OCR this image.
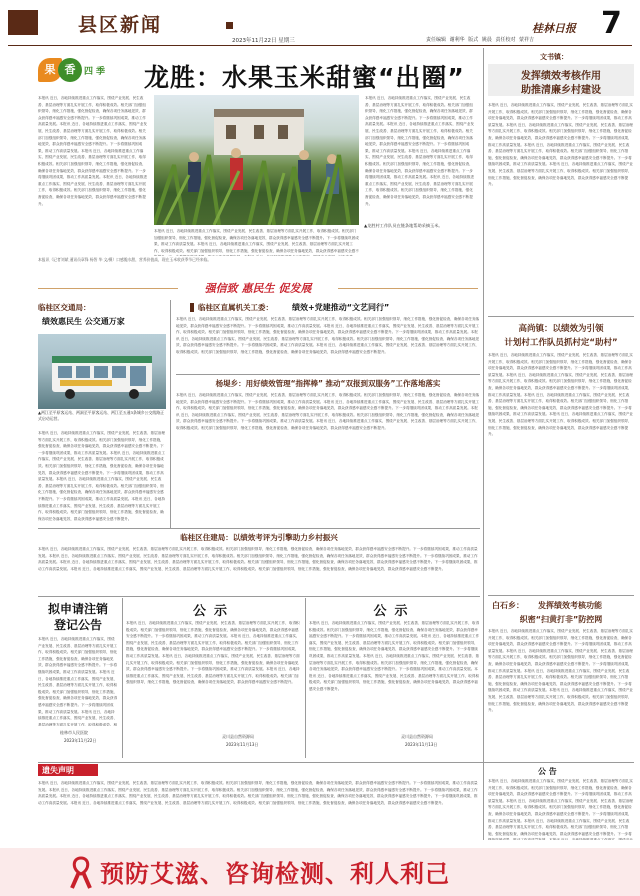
县区新闻
2023年11月22日 星期三
桂林日报 7
责任编辑 谢利华 版式 姚晨 责任校对 蒙祥吉
果 香 四 季 龙胜：水果玉米甜蜜“出圈”
本报讯 近日，各地持续推进重点工作落实，围绕产业发展、民生改善、基层治理等方面扎实开展工作，取得积极成效。相关部门加强组织领导，细化工作措施，强化督促检查，确保各项任务落地见效，群众获得感幸福感安全感不断提升。下一步将继续巩固成果，推动工作高质量发展。本报讯 近日，各地持续推进重点工作落实，围绕产业发展、民生改善、基层治理等方面扎实开展工作，取得积极成效。相关部门加强组织领导，细化工作措施，强化督促检查，确保各项任务落地见效，群众获得感幸福感安全感不断提升。下一步将继续巩固成果，推动工作高质量发展。本报讯 近日，各地持续推进重点工作落实，围绕产业发展、民生改善、基层治理等方面扎实开展工作，取得积极成效。相关部门加强组织领导，细化工作措施，强化督促检查，确保各项任务落地见效，群众获得感幸福感安全感不断提升。下一步将继续巩固成果，推动工作高质量发展。本报讯 近日，各地持续推进重点工作落实，围绕产业发展、民生改善、基层治理等方面扎实开展工作，取得积极成效。相关部门加强组织领导，细化工作措施，强化督促检查，确保各项任务落地见效，群众获得感幸福感安全感不断提升。
本报讯 近日，各地持续推进重点工作落实，围绕产业发展、民生改善、基层治理等方面扎实开展工作，取得积极成效。相关部门加强组织领导，细化工作措施，强化督促检查，确保各项任务落地见效，群众获得感幸福感安全感不断提升。下一步将继续巩固成果，推动工作高质量发展。本报讯 近日，各地持续推进重点工作落实，围绕产业发展、民生改善、基层治理等方面扎实开展工作，取得积极成效。相关部门加强组织领导，细化工作措施，强化督促检查，确保各项任务落地见效，群众获得感幸福感安全感不断提升。下一步将继续巩固成果，推动工作高质量发展。本报讯 近日，各地持续推进重点工作落实，围绕产业发展、民生改善、基层治理等方面扎实开展工作，取得积极成效。相关部门加强组织领导，细化工作措施，强化督促检查，确保各项任务落地见效，群众获得感幸福感安全感不断提升。下一步将继续巩固成果，推动工作高质量发展。本报讯 近日，各地持续推进重点工作落实，围绕产业发展、民生改善、基层治理等方面扎实开展工作，取得积极成效。相关部门加强组织领导，细化工作措施，强化督促检查，确保各项任务落地见效，群众获得感幸福感安全感不断提升。
本报讯 近日，各地持续推进重点工作落实，围绕产业发展、民生改善、基层治理等方面扎实开展工作，取得积极成效。相关部门加强组织领导，细化工作措施，强化督促检查，确保各项任务落地见效，群众获得感幸福感安全感不断提升。下一步将继续巩固成果，推动工作高质量发展。本报讯 近日，各地持续推进重点工作落实，围绕产业发展、民生改善、基层治理等方面扎实开展工作，取得积极成效。相关部门加强组织领导，细化工作措施，强化督促检查，确保各项任务落地见效，群众获得感幸福感安全感不断提升。下一步将继续巩固成果，推动工作高质量发展。本报讯 近日，各地持续推进重点工作落实，围绕产业发展、民生改善、基层治理等方面扎实开展工作，取得积极成效。相关部门加强组织领导，细化工作措施，强化督促检查，确保各项任务落地见效，群众获得感幸福感安全感不断提升。下一步将继续巩固成果，推动工作高质量发展。本报讯 近日，各地持续推进重点工作落实，围绕产业发展、民生改善、基层治理等方面扎实开展工作，取得积极成效。相关部门加强组织领导，细化工作措施，强化督促检查，确保各项任务落地见效，群众获得感幸福感安全感不断提升。
▲龙胜村工作队员在链条地帮助采摘玉米。
本报讯（记者刘斌 通讯员章锋 杨智 华 文/摄）口感脆水甜，营养价值高，现在玉米收获季节已经来临。
文书镇：
发挥绩效考核作用
助推清廉乡村建设
本报讯 近日，各地持续推进重点工作落实，围绕产业发展、民生改善、基层治理等方面扎实开展工作，取得积极成效。相关部门加强组织领导，细化工作措施，强化督促检查，确保各项任务落地见效，群众获得感幸福感安全感不断提升。下一步将继续巩固成果，推动工作高质量发展。本报讯 近日，各地持续推进重点工作落实，围绕产业发展、民生改善、基层治理等方面扎实开展工作，取得积极成效。相关部门加强组织领导，细化工作措施，强化督促检查，确保各项任务落地见效，群众获得感幸福感安全感不断提升。下一步将继续巩固成果，推动工作高质量发展。本报讯 近日，各地持续推进重点工作落实，围绕产业发展、民生改善、基层治理等方面扎实开展工作，取得积极成效。相关部门加强组织领导，细化工作措施，强化督促检查，确保各项任务落地见效，群众获得感幸福感安全感不断提升。下一步将继续巩固成果，推动工作高质量发展。本报讯 近日，各地持续推进重点工作落实，围绕产业发展、民生改善、基层治理等方面扎实开展工作，取得积极成效。相关部门加强组织领导，细化工作措施，强化督促检查，确保各项任务落地见效，群众获得感幸福感安全感不断提升。
高尚镇：以绩效为引领
计划村工作队员抓村定“助村”
本报讯 近日，各地持续推进重点工作落实，围绕产业发展、民生改善、基层治理等方面扎实开展工作，取得积极成效。相关部门加强组织领导，细化工作措施，强化督促检查，确保各项任务落地见效，群众获得感幸福感安全感不断提升。下一步将继续巩固成果，推动工作高质量发展。本报讯 近日，各地持续推进重点工作落实，围绕产业发展、民生改善、基层治理等方面扎实开展工作，取得积极成效。相关部门加强组织领导，细化工作措施，强化督促检查，确保各项任务落地见效，群众获得感幸福感安全感不断提升。下一步将继续巩固成果，推动工作高质量发展。本报讯 近日，各地持续推进重点工作落实，围绕产业发展、民生改善、基层治理等方面扎实开展工作，取得积极成效。相关部门加强组织领导，细化工作措施，强化督促检查，确保各项任务落地见效，群众获得感幸福感安全感不断提升。下一步将继续巩固成果，推动工作高质量发展。本报讯 近日，各地持续推进重点工作落实，围绕产业发展、民生改善、基层治理等方面扎实开展工作，取得积极成效。相关部门加强组织领导，细化工作措施，强化督促检查，确保各项任务落地见效，群众获得感幸福感安全感不断提升。
白石乡： 发挥绩效考核功能
织密“扫黄打非”防控网
本报讯 近日，各地持续推进重点工作落实，围绕产业发展、民生改善、基层治理等方面扎实开展工作，取得积极成效。相关部门加强组织领导，细化工作措施，强化督促检查，确保各项任务落地见效，群众获得感幸福感安全感不断提升。下一步将继续巩固成果，推动工作高质量发展。本报讯 近日，各地持续推进重点工作落实，围绕产业发展、民生改善、基层治理等方面扎实开展工作，取得积极成效。相关部门加强组织领导，细化工作措施，强化督促检查，确保各项任务落地见效，群众获得感幸福感安全感不断提升。下一步将继续巩固成果，推动工作高质量发展。本报讯 近日，各地持续推进重点工作落实，围绕产业发展、民生改善、基层治理等方面扎实开展工作，取得积极成效。相关部门加强组织领导，细化工作措施，强化督促检查，确保各项任务落地见效，群众获得感幸福感安全感不断提升。下一步将继续巩固成果，推动工作高质量发展。本报讯 近日，各地持续推进重点工作落实，围绕产业发展、民生改善、基层治理等方面扎实开展工作，取得积极成效。相关部门加强组织领导，细化工作措施，强化督促检查，确保各项任务落地见效，群众获得感幸福感安全感不断提升。
强信致 惠民生 促发展
临桂区交通局：
绩效惠民生 公交通万家
▲两江至平原客运站、两洞至平原客运站、两江至五通3条城乡公交线路正式启动运营。
本报讯 近日，各地持续推进重点工作落实，围绕产业发展、民生改善、基层治理等方面扎实开展工作，取得积极成效。相关部门加强组织领导，细化工作措施，强化督促检查，确保各项任务落地见效，群众获得感幸福感安全感不断提升。下一步将继续巩固成果，推动工作高质量发展。本报讯 近日，各地持续推进重点工作落实，围绕产业发展、民生改善、基层治理等方面扎实开展工作，取得积极成效。相关部门加强组织领导，细化工作措施，强化督促检查，确保各项任务落地见效，群众获得感幸福感安全感不断提升。下一步将继续巩固成果，推动工作高质量发展。本报讯 近日，各地持续推进重点工作落实，围绕产业发展、民生改善、基层治理等方面扎实开展工作，取得积极成效。相关部门加强组织领导，细化工作措施，强化督促检查，确保各项任务落地见效，群众获得感幸福感安全感不断提升。下一步将继续巩固成果，推动工作高质量发展。本报讯 近日，各地持续推进重点工作落实，围绕产业发展、民生改善、基层治理等方面扎实开展工作，取得积极成效。相关部门加强组织领导，细化工作措施，强化督促检查，确保各项任务落地见效，群众获得感幸福感安全感不断提升。
临桂区直属机关工委： 绩效+党建推动“文艺同行”
本报讯 近日，各地持续推进重点工作落实，围绕产业发展、民生改善、基层治理等方面扎实开展工作，取得积极成效。相关部门加强组织领导，细化工作措施，强化督促检查，确保各项任务落地见效，群众获得感幸福感安全感不断提升。下一步将继续巩固成果，推动工作高质量发展。本报讯 近日，各地持续推进重点工作落实，围绕产业发展、民生改善、基层治理等方面扎实开展工作，取得积极成效。相关部门加强组织领导，细化工作措施，强化督促检查，确保各项任务落地见效，群众获得感幸福感安全感不断提升。下一步将继续巩固成果，推动工作高质量发展。本报讯 近日，各地持续推进重点工作落实，围绕产业发展、民生改善、基层治理等方面扎实开展工作，取得积极成效。相关部门加强组织领导，细化工作措施，强化督促检查，确保各项任务落地见效，群众获得感幸福感安全感不断提升。下一步将继续巩固成果，推动工作高质量发展。本报讯 近日，各地持续推进重点工作落实，围绕产业发展、民生改善、基层治理等方面扎实开展工作，取得积极成效。相关部门加强组织领导，细化工作措施，强化督促检查，确保各项任务落地见效，群众获得感幸福感安全感不断提升。
杨堤乡：用好绩效管理“指挥棒” 推动“双报到双服务”工作落地落实
本报讯 近日，各地持续推进重点工作落实，围绕产业发展、民生改善、基层治理等方面扎实开展工作，取得积极成效。相关部门加强组织领导，细化工作措施，强化督促检查，确保各项任务落地见效，群众获得感幸福感安全感不断提升。下一步将继续巩固成果，推动工作高质量发展。本报讯 近日，各地持续推进重点工作落实，围绕产业发展、民生改善、基层治理等方面扎实开展工作，取得积极成效。相关部门加强组织领导，细化工作措施，强化督促检查，确保各项任务落地见效，群众获得感幸福感安全感不断提升。下一步将继续巩固成果，推动工作高质量发展。本报讯 近日，各地持续推进重点工作落实，围绕产业发展、民生改善、基层治理等方面扎实开展工作，取得积极成效。相关部门加强组织领导，细化工作措施，强化督促检查，确保各项任务落地见效，群众获得感幸福感安全感不断提升。下一步将继续巩固成果，推动工作高质量发展。本报讯 近日，各地持续推进重点工作落实，围绕产业发展、民生改善、基层治理等方面扎实开展工作，取得积极成效。相关部门加强组织领导，细化工作措施，强化督促检查，确保各项任务落地见效，群众获得感幸福感安全感不断提升。
临桂区住建局：以绩效考评为引擎助力乡村振兴
本报讯 近日，各地持续推进重点工作落实，围绕产业发展、民生改善、基层治理等方面扎实开展工作，取得积极成效。相关部门加强组织领导，细化工作措施，强化督促检查，确保各项任务落地见效，群众获得感幸福感安全感不断提升。下一步将继续巩固成果，推动工作高质量发展。本报讯 近日，各地持续推进重点工作落实，围绕产业发展、民生改善、基层治理等方面扎实开展工作，取得积极成效。相关部门加强组织领导，细化工作措施，强化督促检查，确保各项任务落地见效，群众获得感幸福感安全感不断提升。下一步将继续巩固成果，推动工作高质量发展。本报讯 近日，各地持续推进重点工作落实，围绕产业发展、民生改善、基层治理等方面扎实开展工作，取得积极成效。相关部门加强组织领导，细化工作措施，强化督促检查，确保各项任务落地见效，群众获得感幸福感安全感不断提升。下一步将继续巩固成果，推动工作高质量发展。本报讯 近日，各地持续推进重点工作落实，围绕产业发展、民生改善、基层治理等方面扎实开展工作，取得积极成效。相关部门加强组织领导，细化工作措施，强化督促检查，确保各项任务落地见效，群众获得感幸福感安全感不断提升。
拟申请注销
登记公告
本报讯 近日，各地持续推进重点工作落实，围绕产业发展、民生改善、基层治理等方面扎实开展工作，取得积极成效。相关部门加强组织领导，细化工作措施，强化督促检查，确保各项任务落地见效，群众获得感幸福感安全感不断提升。下一步将继续巩固成果，推动工作高质量发展。本报讯 近日，各地持续推进重点工作落实，围绕产业发展、民生改善、基层治理等方面扎实开展工作，取得积极成效。相关部门加强组织领导，细化工作措施，强化督促检查，确保各项任务落地见效，群众获得感幸福感安全感不断提升。下一步将继续巩固成果，推动工作高质量发展。本报讯 近日，各地持续推进重点工作落实，围绕产业发展、民生改善、基层治理等方面扎实开展工作，取得积极成效。相关部门加强组织领导，细化工作措施，强化督促检查，确保各项任务落地见效，群众获得感幸福感安全感不断提升。下一步将继续巩固成果，推动工作高质量发展。本报讯 近日，各地持续推进重点工作落实，围绕产业发展、民生改善、基层治理等方面扎实开展工作，取得积极成效。相关部门加强组织领导，细化工作措施，强化督促检查，确保各项任务落地见效，群众获得感幸福感安全感不断提升。
桂林市人民医院
2023年11月22日
公示
本报讯 近日，各地持续推进重点工作落实，围绕产业发展、民生改善、基层治理等方面扎实开展工作，取得积极成效。相关部门加强组织领导，细化工作措施，强化督促检查，确保各项任务落地见效，群众获得感幸福感安全感不断提升。下一步将继续巩固成果，推动工作高质量发展。本报讯 近日，各地持续推进重点工作落实，围绕产业发展、民生改善、基层治理等方面扎实开展工作，取得积极成效。相关部门加强组织领导，细化工作措施，强化督促检查，确保各项任务落地见效，群众获得感幸福感安全感不断提升。下一步将继续巩固成果，推动工作高质量发展。本报讯 近日，各地持续推进重点工作落实，围绕产业发展、民生改善、基层治理等方面扎实开展工作，取得积极成效。相关部门加强组织领导，细化工作措施，强化督促检查，确保各项任务落地见效，群众获得感幸福感安全感不断提升。下一步将继续巩固成果，推动工作高质量发展。本报讯 近日，各地持续推进重点工作落实，围绕产业发展、民生改善、基层治理等方面扎实开展工作，取得积极成效。相关部门加强组织领导，细化工作措施，强化督促检查，确保各项任务落地见效，群众获得感幸福感安全感不断提升。
灵川县自然资源局
2023年11月13日
公示
本报讯 近日，各地持续推进重点工作落实，围绕产业发展、民生改善、基层治理等方面扎实开展工作，取得积极成效。相关部门加强组织领导，细化工作措施，强化督促检查，确保各项任务落地见效，群众获得感幸福感安全感不断提升。下一步将继续巩固成果，推动工作高质量发展。本报讯 近日，各地持续推进重点工作落实，围绕产业发展、民生改善、基层治理等方面扎实开展工作，取得积极成效。相关部门加强组织领导，细化工作措施，强化督促检查，确保各项任务落地见效，群众获得感幸福感安全感不断提升。下一步将继续巩固成果，推动工作高质量发展。本报讯 近日，各地持续推进重点工作落实，围绕产业发展、民生改善、基层治理等方面扎实开展工作，取得积极成效。相关部门加强组织领导，细化工作措施，强化督促检查，确保各项任务落地见效，群众获得感幸福感安全感不断提升。下一步将继续巩固成果，推动工作高质量发展。本报讯 近日，各地持续推进重点工作落实，围绕产业发展、民生改善、基层治理等方面扎实开展工作，取得积极成效。相关部门加强组织领导，细化工作措施，强化督促检查，确保各项任务落地见效，群众获得感幸福感安全感不断提升。
灵川县自然资源局
2023年11月13日
遗失声明
本报讯 近日，各地持续推进重点工作落实，围绕产业发展、民生改善、基层治理等方面扎实开展工作，取得积极成效。相关部门加强组织领导，细化工作措施，强化督促检查，确保各项任务落地见效，群众获得感幸福感安全感不断提升。下一步将继续巩固成果，推动工作高质量发展。本报讯 近日，各地持续推进重点工作落实，围绕产业发展、民生改善、基层治理等方面扎实开展工作，取得积极成效。相关部门加强组织领导，细化工作措施，强化督促检查，确保各项任务落地见效，群众获得感幸福感安全感不断提升。下一步将继续巩固成果，推动工作高质量发展。本报讯 近日，各地持续推进重点工作落实，围绕产业发展、民生改善、基层治理等方面扎实开展工作，取得积极成效。相关部门加强组织领导，细化工作措施，强化督促检查，确保各项任务落地见效，群众获得感幸福感安全感不断提升。下一步将继续巩固成果，推动工作高质量发展。本报讯 近日，各地持续推进重点工作落实，围绕产业发展、民生改善、基层治理等方面扎实开展工作，取得积极成效。相关部门加强组织领导，细化工作措施，强化督促检查，确保各项任务落地见效，群众获得感幸福感安全感不断提升。	公 告
本报讯 近日，各地持续推进重点工作落实，围绕产业发展、民生改善、基层治理等方面扎实开展工作，取得积极成效。相关部门加强组织领导，细化工作措施，强化督促检查，确保各项任务落地见效，群众获得感幸福感安全感不断提升。下一步将继续巩固成果，推动工作高质量发展。本报讯 近日，各地持续推进重点工作落实，围绕产业发展、民生改善、基层治理等方面扎实开展工作，取得积极成效。相关部门加强组织领导，细化工作措施，强化督促检查，确保各项任务落地见效，群众获得感幸福感安全感不断提升。下一步将继续巩固成果，推动工作高质量发展。本报讯 近日，各地持续推进重点工作落实，围绕产业发展、民生改善、基层治理等方面扎实开展工作，取得积极成效。相关部门加强组织领导，细化工作措施，强化督促检查，确保各项任务落地见效，群众获得感幸福感安全感不断提升。下一步将继续巩固成果，推动工作高质量发展。本报讯 近日，各地持续推进重点工作落实，围绕产业发展、民生改善、基层治理等方面扎实开展工作，取得积极成效。相关部门加强组织领导，细化工作措施，强化督促检查，确保各项任务落地见效，群众获得感幸福感安全感不断提升。
预防艾滋、咨询检测、利人利己
